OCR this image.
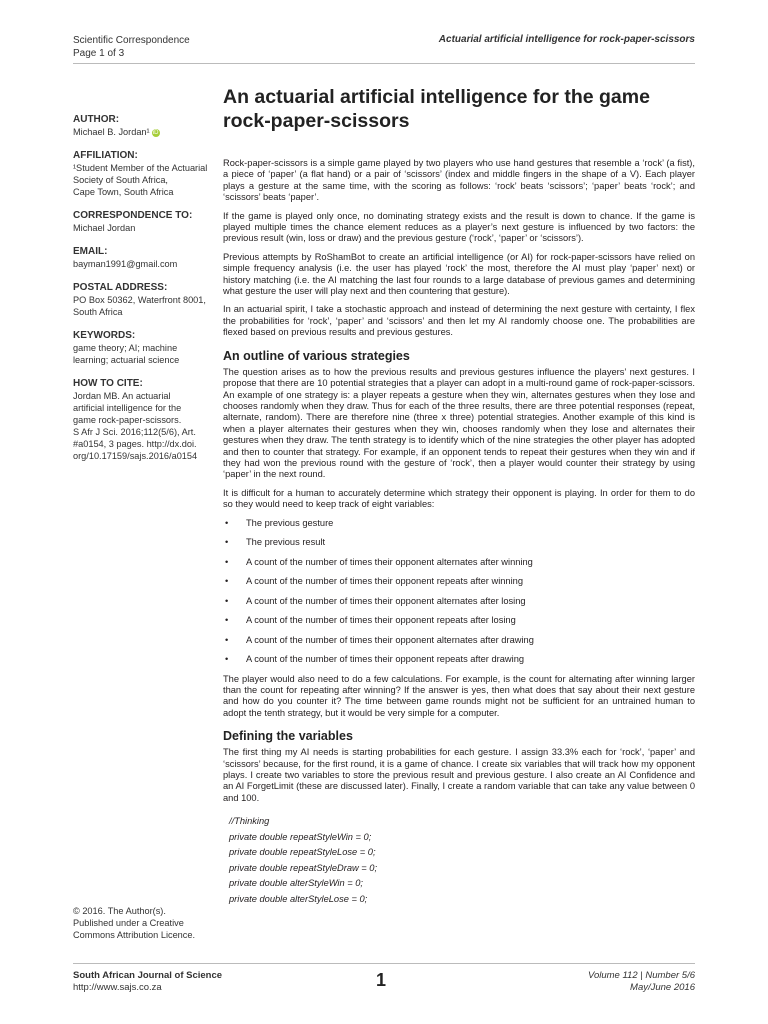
Scientific Correspondence
Page 1 of 3
Actuarial artificial intelligence for rock-paper-scissors
AUTHOR:
Michael B. Jordan¹ iD
AFFILIATION:
¹Student Member of the Actuarial
Society of South Africa,
Cape Town, South Africa
CORRESPONDENCE TO:
Michael Jordan
EMAIL:
bayman1991@gmail.com
POSTAL ADDRESS:
PO Box 50362, Waterfront 8001,
South Africa
KEYWORDS:
game theory; AI; machine
learning; actuarial science
HOW TO CITE:
Jordan MB. An actuarial
artificial intelligence for the
game rock-paper-scissors.
S Afr J Sci. 2016;112(5/6), Art.
#a0154, 3 pages. http://dx.doi.
org/10.17159/sajs.2016/a0154
© 2016. The Author(s).
Published under a Creative
Commons Attribution Licence.
An actuarial artificial intelligence for the game rock-paper-scissors

Rock-paper-scissors is a simple game played by two players who use hand gestures that resemble a ‘rock’ (a fist), a piece of ‘paper’ (a flat hand) or a pair of ‘scissors’ (index and middle fingers in the shape of a V). Each player plays a gesture at the same time, with the scoring as follows: ‘rock’ beats ‘scissors’; ‘paper’ beats ‘rock’; and ‘scissors’ beats ‘paper’.

If the game is played only once, no dominating strategy exists and the result is down to chance. If the game is played multiple times the chance element reduces as a player’s next gesture is influenced by two factors: the previous result (win, loss or draw) and the previous gesture (‘rock’, ‘paper’ or ‘scissors’).

Previous attempts by RoShamBot to create an artificial intelligence (or AI) for rock-paper-scissors have relied on simple frequency analysis (i.e. the user has played ‘rock’ the most, therefore the AI must play ‘paper’ next) or history matching (i.e. the AI matching the last four rounds to a large database of previous games and determining what gesture the user will play next and then countering that gesture).

In an actuarial spirit, I take a stochastic approach and instead of determining the next gesture with certainty, I flex the probabilities for ‘rock’, ‘paper’ and ‘scissors’ and then let my AI randomly choose one. The probabilities are flexed based on previous results and previous gestures.

An outline of various strategies

The question arises as to how the previous results and previous gestures influence the players’ next gestures. I propose that there are 10 potential strategies that a player can adopt in a multi-round game of rock-paper-scissors. An example of one strategy is: a player repeats a gesture when they win, alternates gestures when they lose and chooses randomly when they draw. Thus for each of the three results, there are three potential responses (repeat, alternate, random). There are therefore nine (three x three) potential strategies. Another example of this kind is when a player alternates their gestures when they win, chooses randomly when they lose and alternates their gestures when they draw. The tenth strategy is to identify which of the nine strategies the other player has adopted and then to counter that strategy. For example, if an opponent tends to repeat their gestures when they win and if they had won the previous round with the gesture of ‘rock’, then a player would counter their strategy by using ‘paper’ in the next round.

It is difficult for a human to accurately determine which strategy their opponent is playing. In order for them to do so they would need to keep track of eight variables:

• The previous gesture
• The previous result
• A count of the number of times their opponent alternates after winning
• A count of the number of times their opponent repeats after winning
• A count of the number of times their opponent alternates after losing
• A count of the number of times their opponent repeats after losing
• A count of the number of times their opponent alternates after drawing
• A count of the number of times their opponent repeats after drawing

The player would also need to do a few calculations. For example, is the count for alternating after winning larger than the count for repeating after winning? If the answer is yes, then what does that say about their next gesture and how do you counter it? The time between game rounds might not be sufficient for an untrained human to adopt the tenth strategy, but it would be very simple for a computer.

Defining the variables

The first thing my AI needs is starting probabilities for each gesture. I assign 33.3% each for ‘rock’, ‘paper’ and ‘scissors’ because, for the first round, it is a game of chance. I create six variables that will track how my opponent plays. I create two variables to store the previous result and previous gesture. I also create an AI Confidence and an AI ForgetLimit (these are discussed later). Finally, I create a random variable that can take any value between 0 and 100.

//Thinking
private double repeatStyleWin = 0;
private double repeatStyleLose = 0;
private double repeatStyleDraw = 0;
private double alterStyleWin = 0;
private double alterStyleLose = 0;
South African Journal of Science
http://www.sajs.co.za	1	Volume 112 | Number 5/6
May/June 2016
